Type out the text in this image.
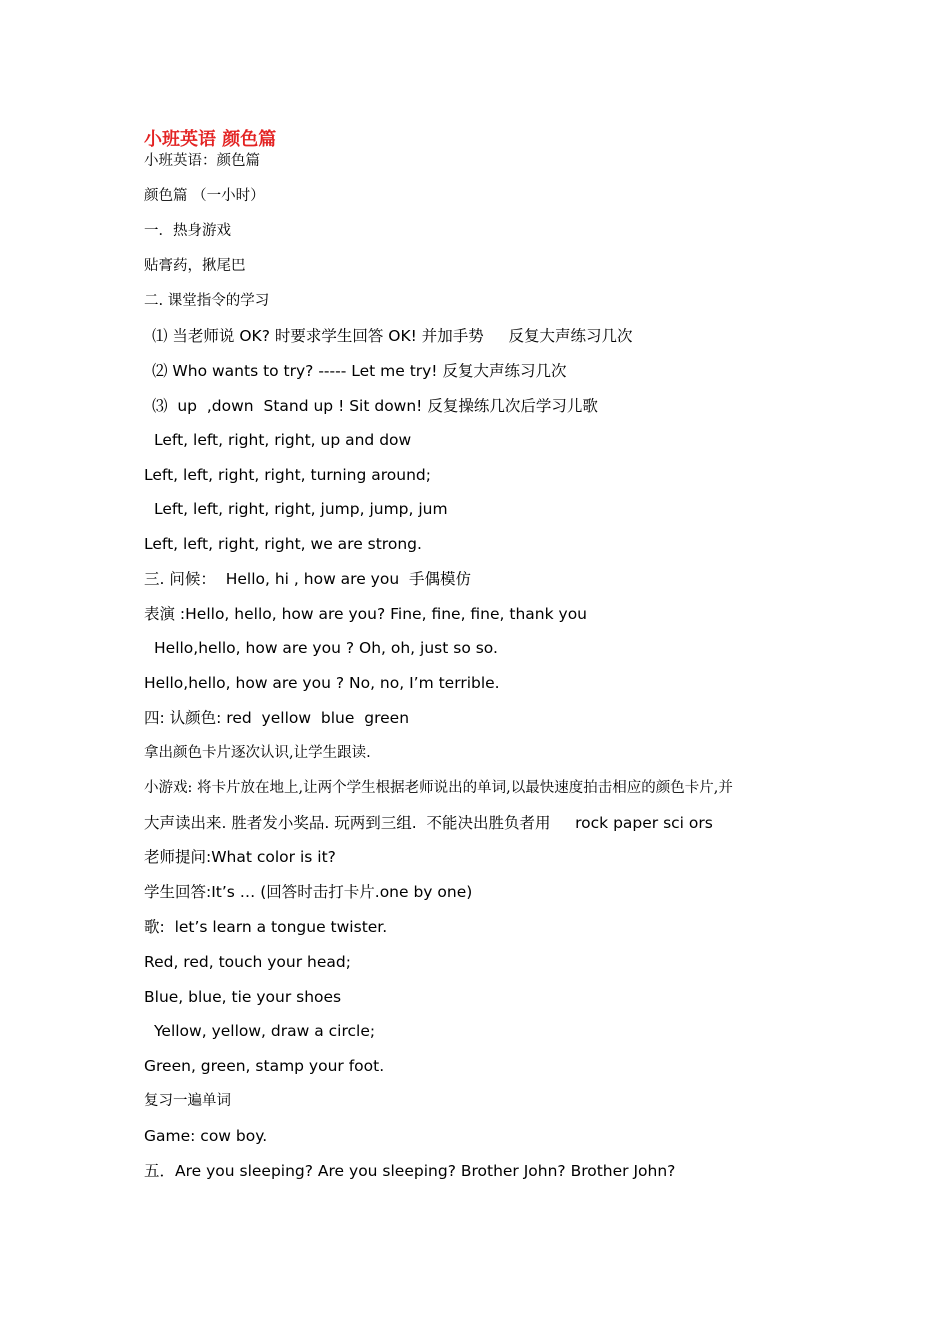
小班英语 颜色篇
小班英语：颜色篇
颜色篇 （一小时）
一．热身游戏
贴膏药，揪尾巴
二. 课堂指令的学习
⑴ 当老师说 OK? 时要求学生回答 OK! 并加手势     反复大声练习几次
⑵ Who wants to try? ----- Let me try! 反复大声练习几次
⑶  up  ,down  Stand up ! Sit down! 反复操练几次后学习儿歌
Left, left, right, right, up and dow
Left, left, right, right, turning around;
Left, left, right, right, jump, jump, jum
Left, left, right, right, we are strong.
三. 问候：  Hello, hi , how are you  手偶模仿
表演 :Hello, hello, how are you? Fine, fine, fine, thank you
Hello,hello, how are you ? Oh, oh, just so so.
Hello,hello, how are you ? No, no, I’m terrible.
四: 认颜色: red  yellow  blue  green
拿出颜色卡片逐次认识,让学生跟读.
小游戏: 将卡片放在地上,让两个学生根据老师说出的单词,以最快速度拍击相应的颜色卡片,并
大声读出来. 胜者发小奖品. 玩两到三组.  不能决出胜负者用     rock paper sci ors
老师提问:What color is it?
学生回答:It’s … (回答时击打卡片.one by one)
歌:  let’s learn a tongue twister.
Red, red, touch your head;
Blue, blue, tie your shoes
Yellow, yellow, draw a circle;
Green, green, stamp your foot.
复习一遍单词
Game: cow boy.
五．Are you sleeping? Are you sleeping? Brother John? Brother John?
